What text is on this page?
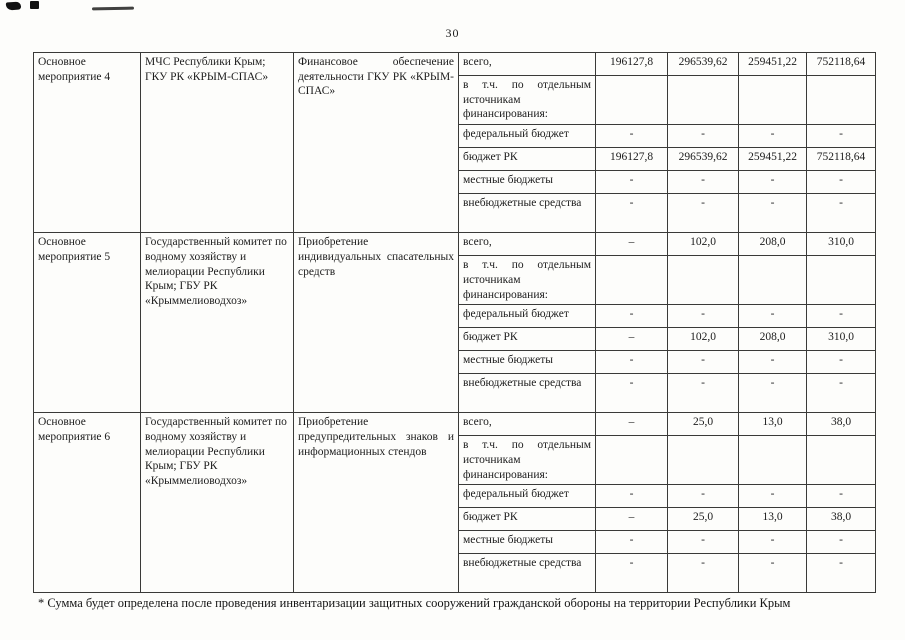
30
Основное мероприятие 4	МЧС Республики Крым; ГКУ РК «КРЫМ-СПАС»	Финансовое обеспечение деятельности ГКУ РК «КРЫМ-СПАС»	всего,	196127,8	296539,62	259451,22	752118,64
			в т.ч. по отдельным источникам финансирования:				
			федеральный бюджет	-	-	-	-
			бюджет РК	196127,8	296539,62	259451,22	752118,64
			местные бюджеты	-	-	-	-
			внебюджетные средства	-	-	-	-
Основное мероприятие 5	Государственный комитет по водному хозяйству и мелиорации Республики Крым; ГБУ РК «Крыммелиоводхоз»	Приобретение индивидуальных спасательных средств	всего,	–	102,0	208,0	310,0
			в т.ч. по отдельным источникам финансирования:				
			федеральный бюджет	-	-	-	-
			бюджет РК	–	102,0	208,0	310,0
			местные бюджеты	-	-	-	-
			внебюджетные средства	-	-	-	-
Основное мероприятие 6	Государственный комитет по водному хозяйству и мелиорации Республики Крым; ГБУ РК «Крыммелиоводхоз»	Приобретение предупредительных знаков и информационных стендов	всего,	–	25,0	13,0	38,0
			в т.ч. по отдельным источникам финансирования:				
			федеральный бюджет	-	-	-	-
			бюджет РК	–	25,0	13,0	38,0
			местные бюджеты	-	-	-	-
			внебюджетные средства	-	-	-	-
* Сумма будет определена после проведения инвентаризации защитных сооружений гражданской обороны на территории Республики Крым
